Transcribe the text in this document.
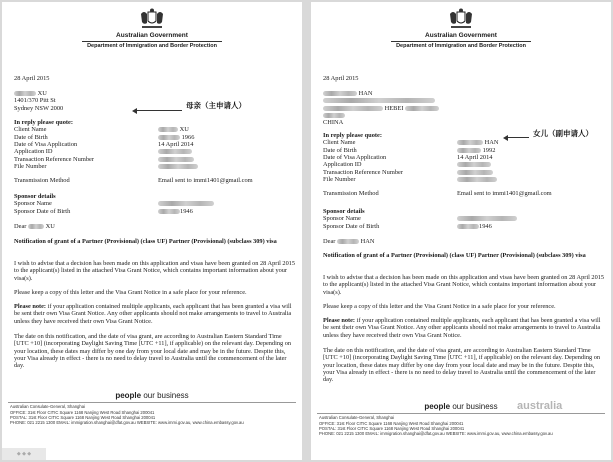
Australian Government
Department of Immigration and Border Protection
28 April 2015
XU
1401/370 Pitt St
Sydney NSW 2000	母亲（主申请人）
In reply please quote:
Client Name	XU
Date of Birth	1966
Date of Visa Application	14 April 2014
Application ID
Transaction Reference Number
File Number
Transmission Method	Email sent to immi1401@gmail.com
Sponsor details
Sponsor Name
Sponsor Date of Birth	1946
Dear	XU
Notification of grant of a Partner (Provisional) (class UF) Partner (Provisional) (subclass 309) visa
I wish to advise that a decision has been made on this application and visas have been granted on 28 April 2015 to the applicant(s) listed in the attached Visa Grant Notice, which contains important information about your visa(s).
Please keep a copy of this letter and the Visa Grant Notice in a safe place for your reference.
Please note: if your application contained multiple applicants, each applicant that has been granted a visa will be sent their own Visa Grant Notice. Any other applicants should not make arrangements to travel to Australia unless they have received their own Visa Grant Notice.
The date on this notification, and the date of visa grant, are according to Australian Eastern Standard Time [UTC +10] (incorporating Daylight Saving Time [UTC +11], if applicable) on the relevant day. Depending on your location, these dates may differ by one day from your local date and may be in the future. Despite this, your Visa already in effect - there is no need to delay travel to Australia until the commencement of the later day.
people our business
Australian Consulate-General, Shanghai
OFFICE: 31st Floor CITIC Square 1168 Nanjing West Road Shanghai 200041
POSTAL: 31st Floor CITIC Square 1168 Nanjing West Road Shanghai 200041
PHONE: 021 2215 1300 EMAIL: immigration.shanghai@dfat.gov.au WEBSITE: www.immi.gov.au, www.china.embassy.gov.au
◆ ◆ ◆
Australian Government
Department of Immigration and Border Protection
28 April 2015
HAN
HEBEI
CHINA
女儿（副申请人）
In reply please quote:
Client Name	HAN
Date of Birth	1992
Date of Visa Application	14 April 2014
Application ID
Transaction Reference Number
File Number
Transmission Method	Email sent to immi1401@gmail.com
Sponsor details
Sponsor Name
Sponsor Date of Birth	1946
Dear	HAN
Notification of grant of a Partner (Provisional) (class UF) Partner (Provisional) (subclass 309) visa
I wish to advise that a decision has been made on this application and visas have been granted on 28 April 2015 to the applicant(s) listed in the attached Visa Grant Notice, which contains important information about your visa(s).
Please keep a copy of this letter and the Visa Grant Notice in a safe place for your reference.
Please note: if your application contained multiple applicants, each applicant that has been granted a visa will be sent their own Visa Grant Notice. Any other applicants should not make arrangements to travel to Australia unless they have received their own Visa Grant Notice.
The date on this notification, and the date of visa grant, are according to Australian Eastern Standard Time [UTC +10] (incorporating Daylight Saving Time [UTC +11], if applicable) on the relevant day. Depending on your location, these dates may differ by one day from your local date and may be in the future. Despite this, your Visa already in effect - there is no need to delay travel to Australia until the commencement of the later day.
people our business
Australian Consulate-General, Shanghai
OFFICE: 31st Floor CITIC Square 1168 Nanjing West Road Shanghai 200041
POSTAL: 31st Floor CITIC Square 1168 Nanjing West Road Shanghai 200041
PHONE: 021 2215 1300 EMAIL: immigration.shanghai@dfat.gov.au WEBSITE: www.immi.gov.au, www.china.embassy.gov.au
australia
